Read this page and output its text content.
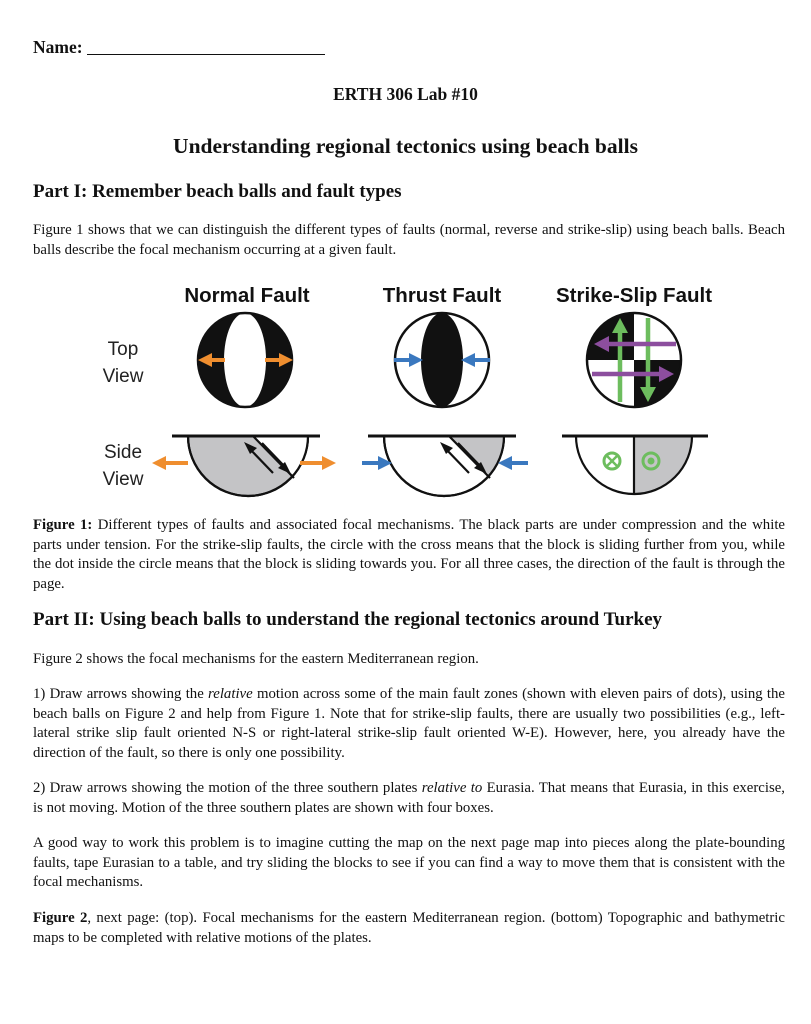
Name:
ERTH 306 Lab #10
Understanding regional tectonics using beach balls
Part I: Remember beach balls and fault types

Figure 1 shows that we can distinguish the different types of faults (normal, reverse and strike-slip) using beach balls. Beach balls describe the focal mechanism occurring at a given fault.

Normal Fault	Thrust Fault	Strike-Slip Fault
Top
View
Side
View

Figure 1: Different types of faults and associated focal mechanisms. The black parts are under compression and the white parts under tension. For the strike-slip faults, the circle with the cross means that the block is sliding further from you, while the dot inside the circle means that the block is sliding towards you. For all three cases, the direction of the fault is through the page.

Part II: Using beach balls to understand the regional tectonics around Turkey

Figure 2 shows the focal mechanisms for the eastern Mediterranean region.

1) Draw arrows showing the relative motion across some of the main fault zones (shown with eleven pairs of dots), using the beach balls on Figure 2 and help from Figure 1. Note that for strike-slip faults, there are usually two possibilities (e.g., left-lateral strike slip fault oriented N-S or right-lateral strike-slip fault oriented W-E). However, here, you already have the direction of the fault, so there is only one possibility.

2) Draw arrows showing the motion of the three southern plates relative to Eurasia. That means that Eurasia, in this exercise, is not moving. Motion of the three southern plates are shown with four boxes.

A good way to work this problem is to imagine cutting the map on the next page map into pieces along the plate-bounding faults, tape Eurasian to a table, and try sliding the blocks to see if you can find a way to move them that is consistent with the focal mechanisms.

Figure 2, next page: (top). Focal mechanisms for the eastern Mediterranean region. (bottom) Topographic and bathymetric maps to be completed with relative motions of the plates.
